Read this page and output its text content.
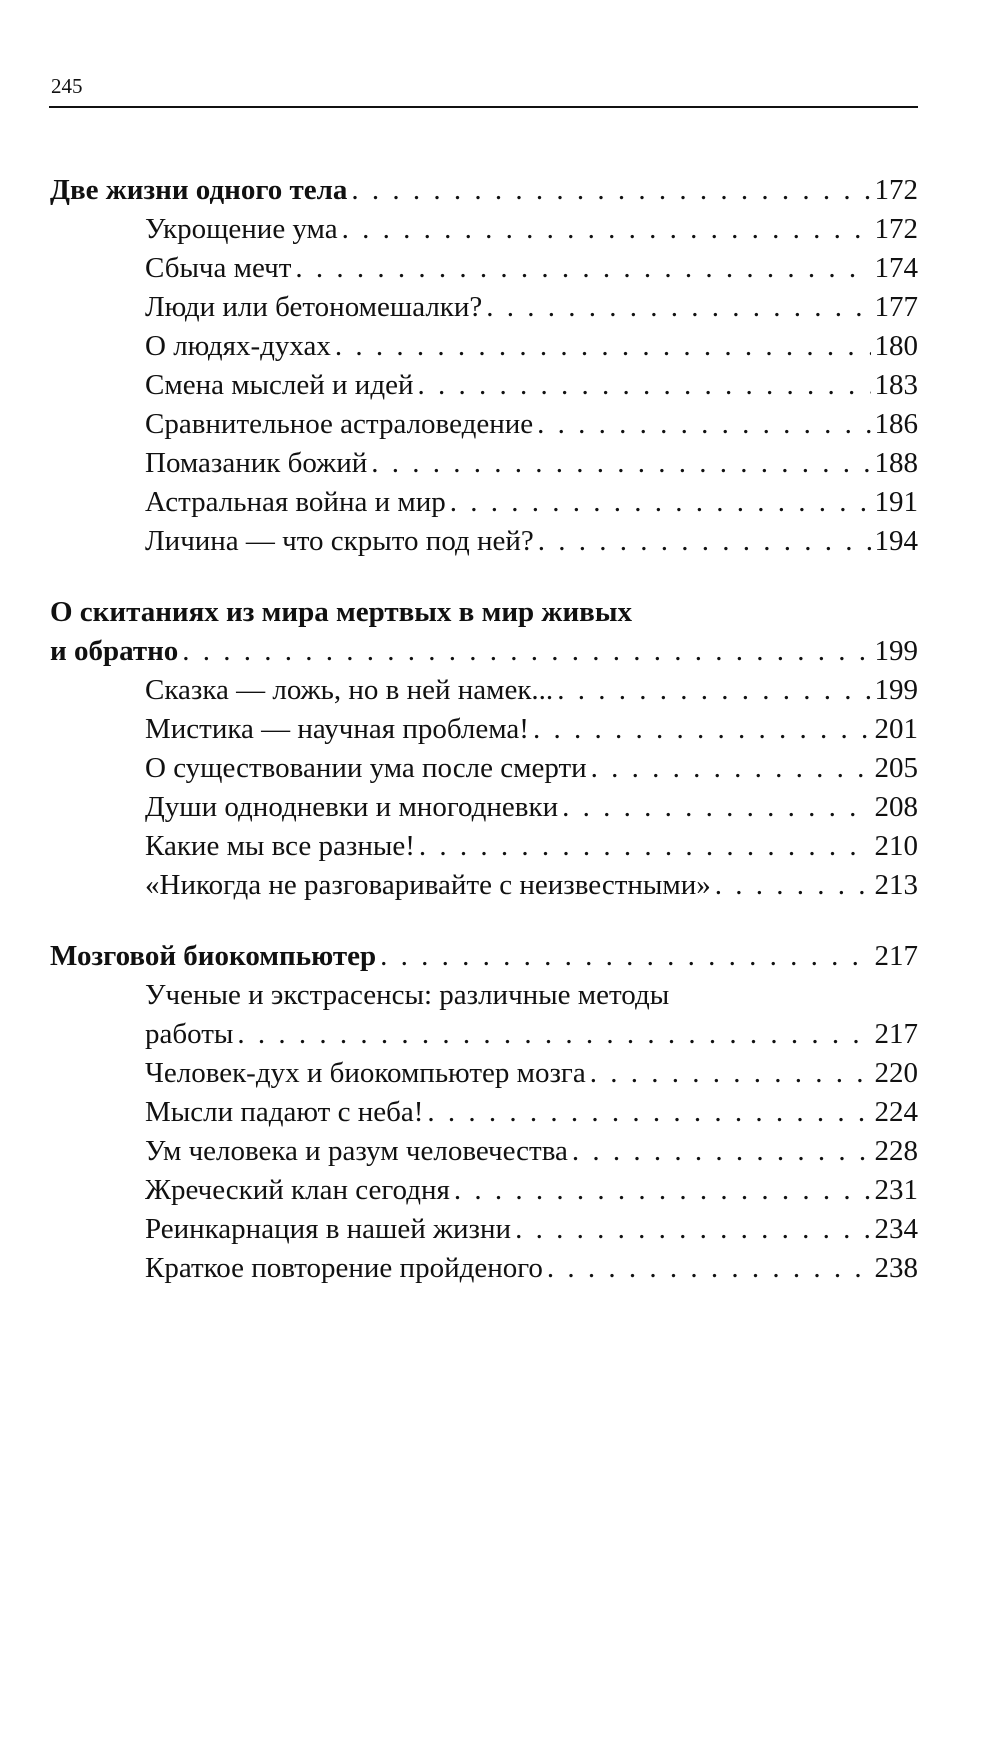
245
Две жизни одного тела . . .	172
Укрощение ума . . .	172
Сбыча мечт . . .	174
Люди или бетономешалки? . . .	177
О людях-духах . . .	180
Смена мыслей и идей . . .	183
Сравнительное астраловедение . . .	186
Помазаник божий . . .	188
Астральная война и мир . . .	191
Личина — что скрыто под ней? . . .	194
О скитаниях из мира мертвых в мир живых
и обратно . . .	199
Сказка — ложь, но в ней намек... . . .	199
Мистика — научная проблема! . . .	201
О существовании ума после смерти . . .	205
Души однодневки и многодневки . . .	208
Какие мы все разные! . . .	210
«Никогда не разговаривайте с неизвестными» . . .	213
Мозговой биокомпьютер . . .	217
Ученые и экстрасенсы: различные методы
работы . . .	217
Человек-дух и биокомпьютер мозга . . .	220
Мысли падают с неба! . . .	224
Ум человека и разум человечества . . .	228
Жреческий клан сегодня . . .	231
Реинкарнация в нашей жизни . . .	234
Краткое повторение пройденого . . .	238
